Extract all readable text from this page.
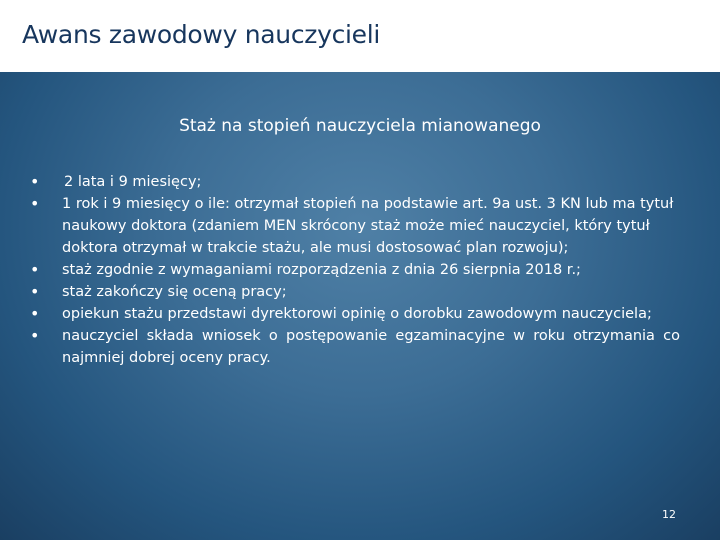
Awans zawodowy nauczycieli
Staż na stopień nauczyciela mianowanego
• 2 lata i 9 miesięcy;
• 1 rok i 9 miesięcy o ile: otrzymał stopień na podstawie art. 9a ust. 3 KN lub ma tytuł naukowy doktora (zdaniem MEN skrócony staż może mieć nauczyciel, który tytuł doktora otrzymał w trakcie stażu, ale musi dostosować plan rozwoju);
• staż zgodnie z wymaganiami rozporządzenia z dnia 26 sierpnia 2018 r.;
• staż zakończy się oceną pracy;
• opiekun stażu przedstawi dyrektorowi opinię o dorobku zawodowym nauczyciela;
• nauczyciel składa wniosek o postępowanie egzaminacyjne w roku otrzymania co najmniej dobrej oceny pracy.
12
